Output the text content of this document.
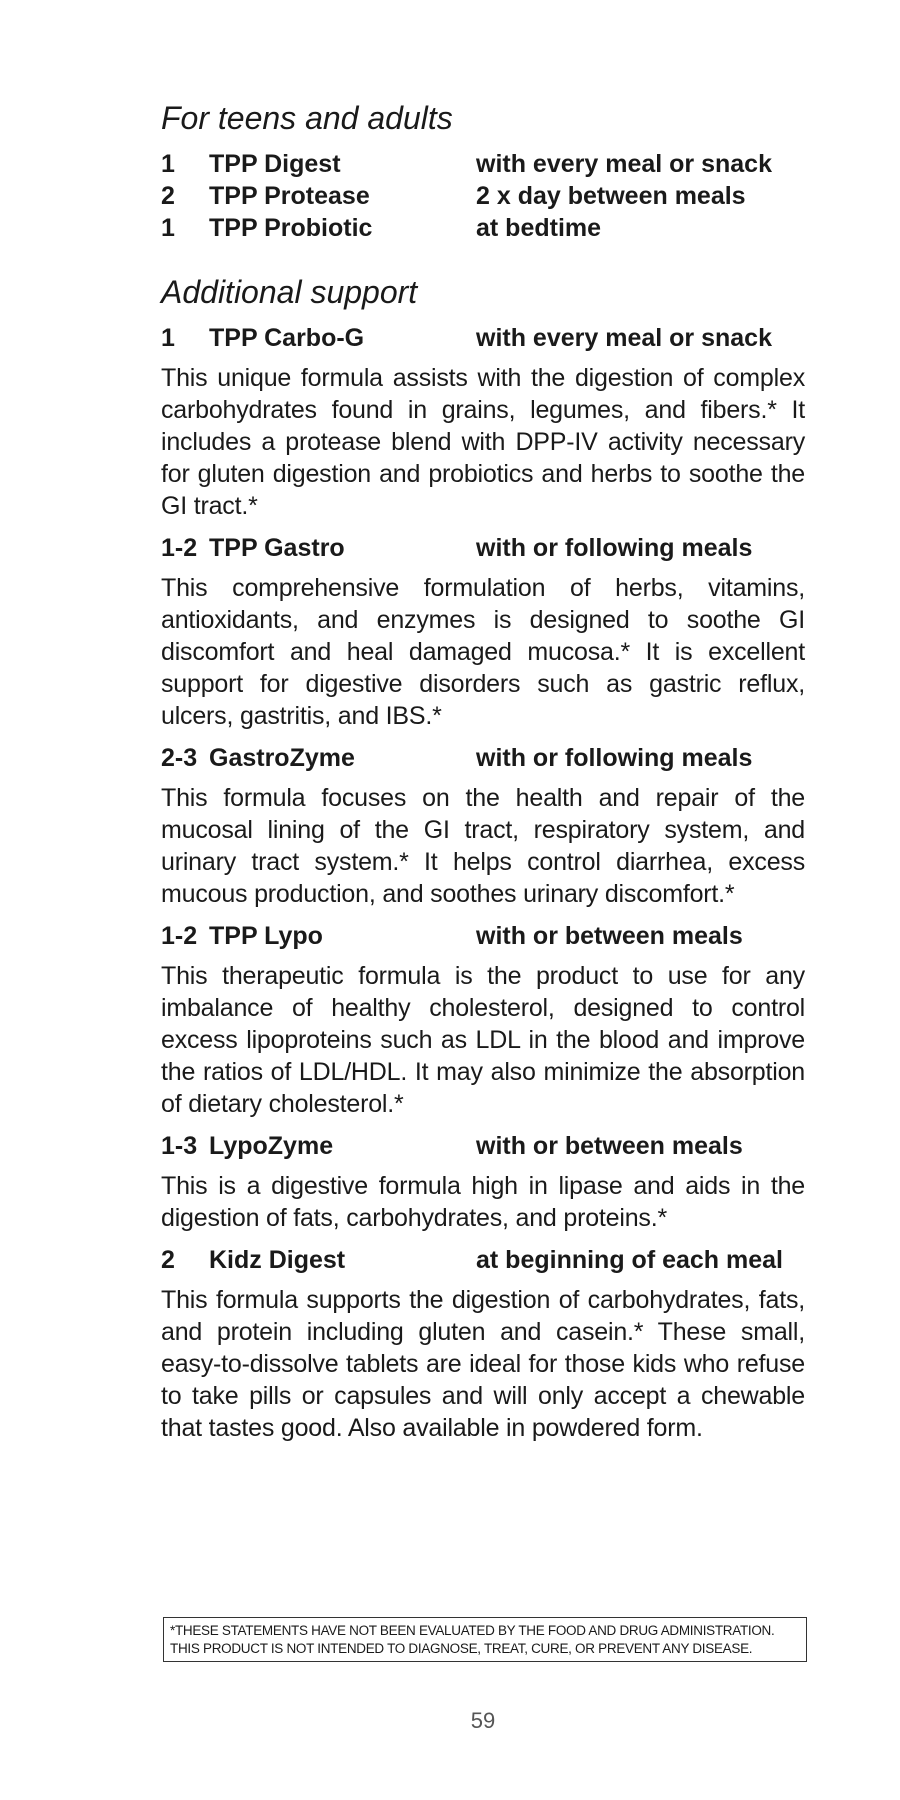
For teens and adults
1	TPP Digest	with every meal or snack
2	TPP Protease	2 x day between meals
1	TPP Probiotic	at bedtime
Additional support
1	TPP Carbo-G	with every meal or snack

This unique formula assists with the digestion of complex carbohydrates found in grains, legumes, and fibers.* It includes a protease blend with DPP-IV activity necessary for gluten digestion and probiotics and herbs to soothe the GI tract.*

1-2 TPP Gastro	with or following meals

This comprehensive formulation of herbs, vitamins, antioxidants, and enzymes is designed to soothe GI discomfort and heal damaged mucosa.* It is excellent support for digestive disorders such as gastric reflux, ulcers, gastritis, and IBS.*

2-3 GastroZyme	with or following meals

This formula focuses on the health and repair of the mucosal lining of the GI tract, respiratory system, and urinary tract system.* It helps control diarrhea, excess mucous production, and soothes urinary discomfort.*

1-2 TPP Lypo	with or between meals

This therapeutic formula is the product to use for any imbalance of healthy cholesterol, designed to control excess lipoproteins such as LDL in the blood and improve the ratios of LDL/HDL. It may also minimize the absorption of dietary cholesterol.*

1-3 LypoZyme	with or between meals

This is a digestive formula high in lipase and aids in the digestion of fats, carbohydrates, and proteins.*

2	Kidz Digest	at beginning of each meal

This formula supports the digestion of carbohydrates, fats, and protein including gluten and casein.* These small, easy-to-dissolve tablets are ideal for those kids who refuse to take pills or capsules and will only accept a chewable that tastes good. Also available in powdered form.

*THESE STATEMENTS HAVE NOT BEEN EVALUATED BY THE FOOD AND DRUG ADMINISTRATION.
THIS PRODUCT IS NOT INTENDED TO DIAGNOSE, TREAT, CURE, OR PREVENT ANY DISEASE.
59
